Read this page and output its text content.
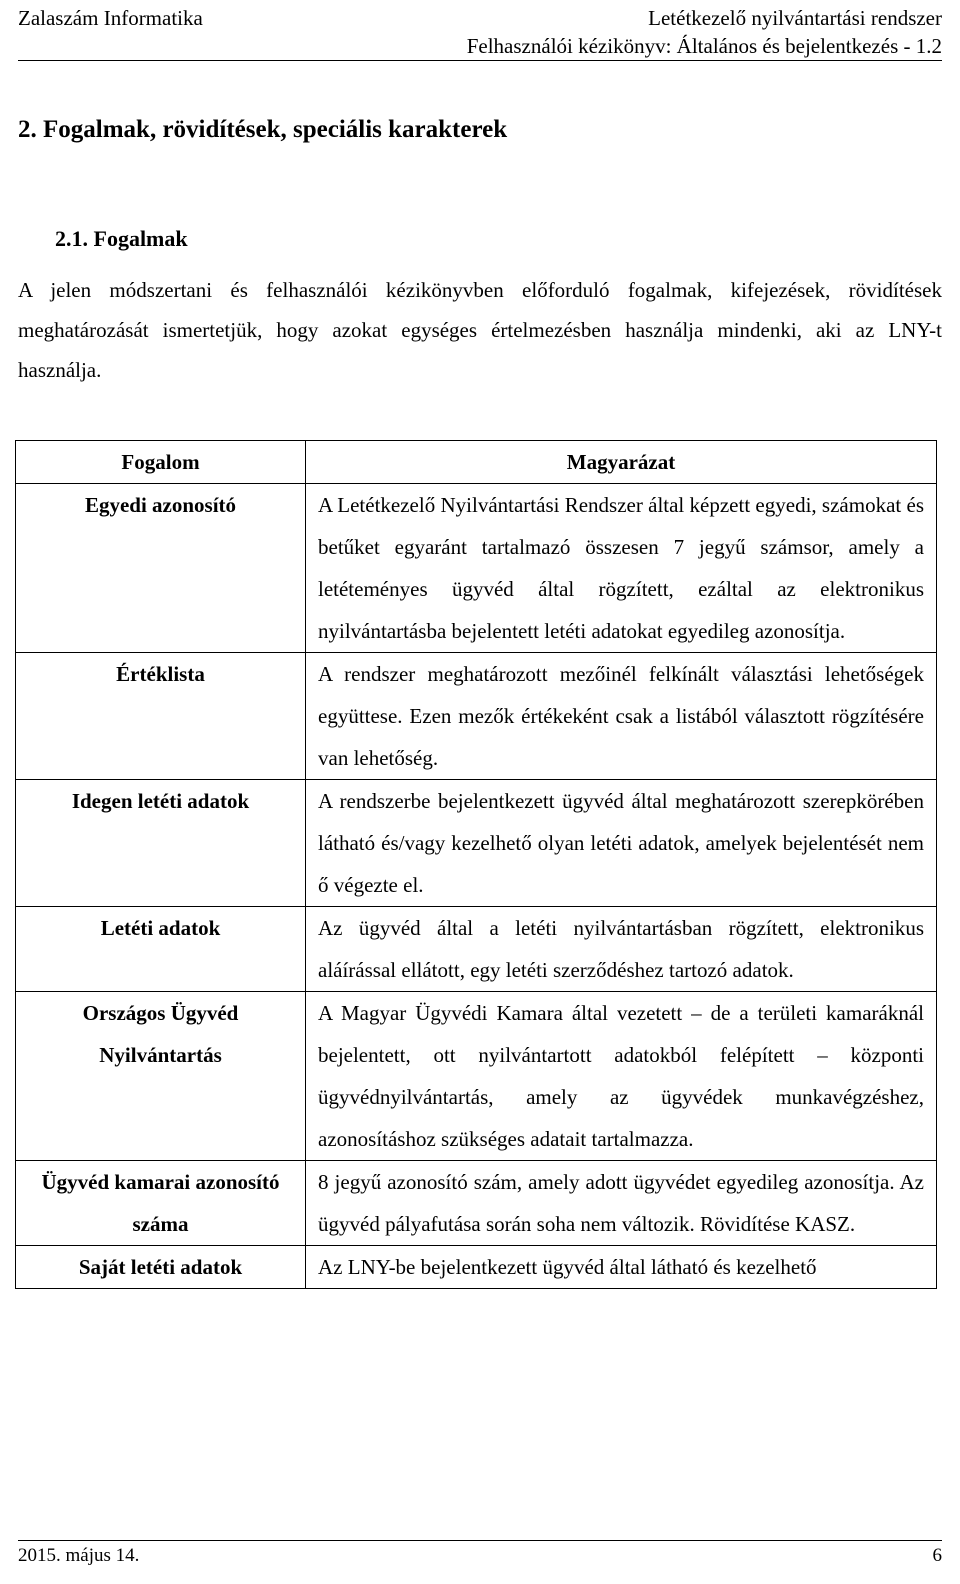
Zalaszám Informatika	Letétkezelő nyilvántartási rendszer
Felhasználói kézikönyv: Általános és bejelentkezés - 1.2
2. Fogalmak, rövidítések, speciális karakterek
2.1. Fogalmak

A jelen módszertani és felhasználói kézikönyvben előforduló fogalmak, kifejezések, rövidítések meghatározását ismertetjük, hogy azokat egységes értelmezésben használja mindenki, aki az LNY-t használja.

Fogalom	Magyarázat
Egyedi azonosító	A Letétkezelő Nyilvántartási Rendszer által képzett egyedi, számokat és betűket egyaránt tartalmazó összesen 7 jegyű számsor, amely a letéteményes ügyvéd által rögzített, ezáltal az elektronikus nyilvántartásba bejelentett letéti adatokat egyedileg azonosítja.
Értéklista	A rendszer meghatározott mezőinél felkínált választási lehetőségek együttese. Ezen mezők értékeként csak a listából választott rögzítésére van lehetőség.
Idegen letéti adatok	A rendszerbe bejelentkezett ügyvéd által meghatározott szerepkörében látható és/vagy kezelhető olyan letéti adatok, amelyek bejelentését nem ő végezte el.
Letéti adatok	Az ügyvéd által a letéti nyilvántartásban rögzített, elektronikus aláírással ellátott, egy letéti szerződéshez tartozó adatok.
Országos Ügyvéd Nyilvántartás	A Magyar Ügyvédi Kamara által vezetett – de a területi kamaráknál bejelentett, ott nyilvántartott adatokból felépített – központi ügyvédnyilvántartás, amely az ügyvédek munkavégzéshez, azonosításhoz szükséges adatait tartalmazza.
Ügyvéd kamarai azonosító száma	8 jegyű azonosító szám, amely adott ügyvédet egyedileg azonosítja. Az ügyvéd pályafutása során soha nem változik. Rövidítése KASZ.
Saját letéti adatok	Az LNY-be bejelentkezett ügyvéd által látható és kezelhető
2015. május 14.	6
